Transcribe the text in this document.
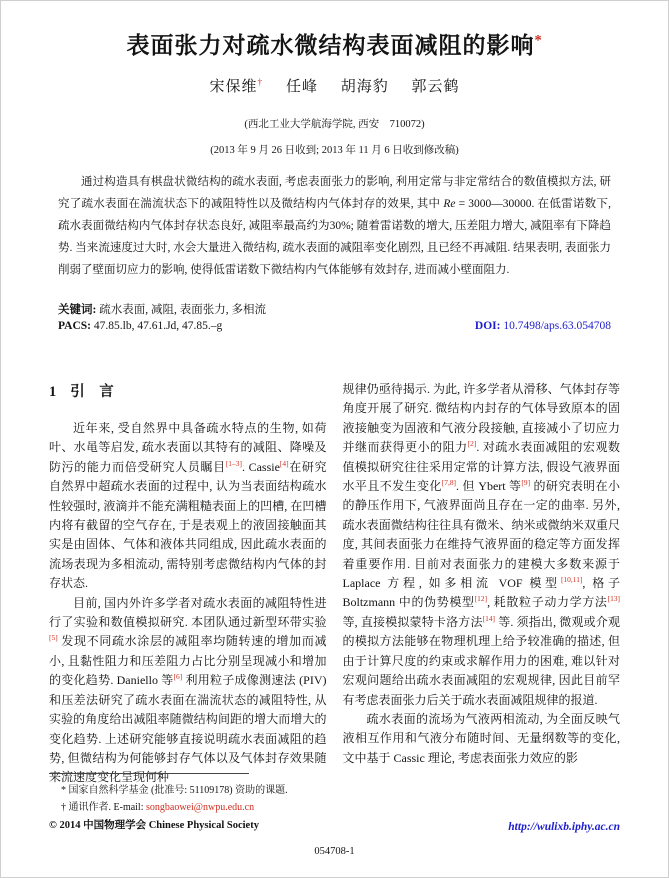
表面张力对疏水微结构表面减阻的影响*
宋保维† 任峰 胡海豹 郭云鹤
(西北工业大学航海学院, 西安　710072)
(2013 年 9 月 26 日收到; 2013 年 11 月 6 日收到修改稿)

通过构造具有棋盘状微结构的疏水表面, 考虑表面张力的影响, 利用定常与非定常结合的数值模拟方法, 研究了疏水表面在湍流状态下的减阻特性以及微结构内气体封存的效果, 其中 Re = 3000—30000. 在低雷诺数下, 疏水表面微结构内气体封存状态良好, 减阻率最高约为30%; 随着雷诺数的增大, 压差阻力增大, 减阻率有下降趋势. 当来流速度过大时, 水会大量进入微结构, 疏水表面的减阻率变化剧烈, 且已经不再减阻. 结果表明, 表面张力削弱了壁面切应力的影响, 使得低雷诺数下微结构内气体能够有效封存, 进而减小壁面阻力.

关键词: 疏水表面, 减阻, 表面张力, 多相流
PACS: 47.85.lb, 47.61.Jd, 47.85.–g	DOI: 10.7498/aps.63.054708
1 引　言

近年来, 受自然界中具备疏水特点的生物, 如荷叶、水黾等启发, 疏水表面以其特有的减阻、降噪及防污的能力而倍受研究人员瞩目[1–3]. Cassie[4]在研究自然界中超疏水表面的过程中, 认为当表面结构疏水性较强时, 液滴并不能充满粗糙表面上的凹槽, 在凹槽内将有截留的空气存在, 于是表观上的液固接触面其实是由固体、气体和液体共同组成, 因此疏水表面的流场表现为多相流动, 需特别考虑微结构内气体的封存状态.

目前, 国内外许多学者对疏水表面的减阻特性进行了实验和数值模拟研究. 本团队通过新型环带实验[5] 发现不同疏水涂层的减阻率均随转速的增加而减小, 且黏性阻力和压差阻力占比分别呈现减小和增加的变化趋势. Daniello 等[6] 利用粒子成像测速法 (PIV) 和压差法研究了疏水表面在湍流状态的减阻特性, 从实验的角度给出减阻率随微结构间距的增大而增大的变化趋势. 上述研究能够直接说明疏水表面减阻的趋势, 但微结构为何能够封存气体以及气体封存效果随来流速度变化呈现何种

规律仍亟待揭示. 为此, 许多学者从滑移、气体封存等角度开展了研究. 微结构内封存的气体导致原本的固液接触变为固液和气液分段接触, 直接减小了切应力并继而获得更小的阻力[2]. 对疏水表面减阻的宏观数值模拟研究往往采用定常的计算方法, 假设气液界面水平且不发生变化[7,8]. 但 Ybert 等[9] 的研究表明在小的静压作用下, 气液界面尚且存在一定的曲率. 另外, 疏水表面微结构往往具有微米、纳米或微纳米双重尺度, 其间表面张力在维持气液界面的稳定等方面发挥着重要作用. 目前对表面张力的建模大多数来源于 Laplace 方程, 如多相流 VOF 模型[10,11], 格子 Boltzmann 中的伪势模型[12], 耗散粒子动力学方法[13] 等, 直接模拟蒙特卡洛方法[14] 等. 须指出, 微观或介观的模拟方法能够在物理机理上给予较准确的描述, 但由于计算尺度的约束或求解作用力的困难, 难以针对宏观问题给出疏水表面减阻的宏观规律, 因此目前罕有考虑表面张力后关于疏水表面减阻规律的报道.

疏水表面的流场为气液两相流动, 为全面反映气液相互作用和气液分布随时间、无量纲数等的变化, 文中基于 Cassic 理论, 考虑表面张力效应的影

* 国家自然科学基金 (批准号: 51109178) 资助的课题.
† 通讯作者. E-mail: songbaowei@nwpu.edu.cn
© 2014 中国物理学会 Chinese Physical Society	http://wulixb.iphy.ac.cn
054708-1
